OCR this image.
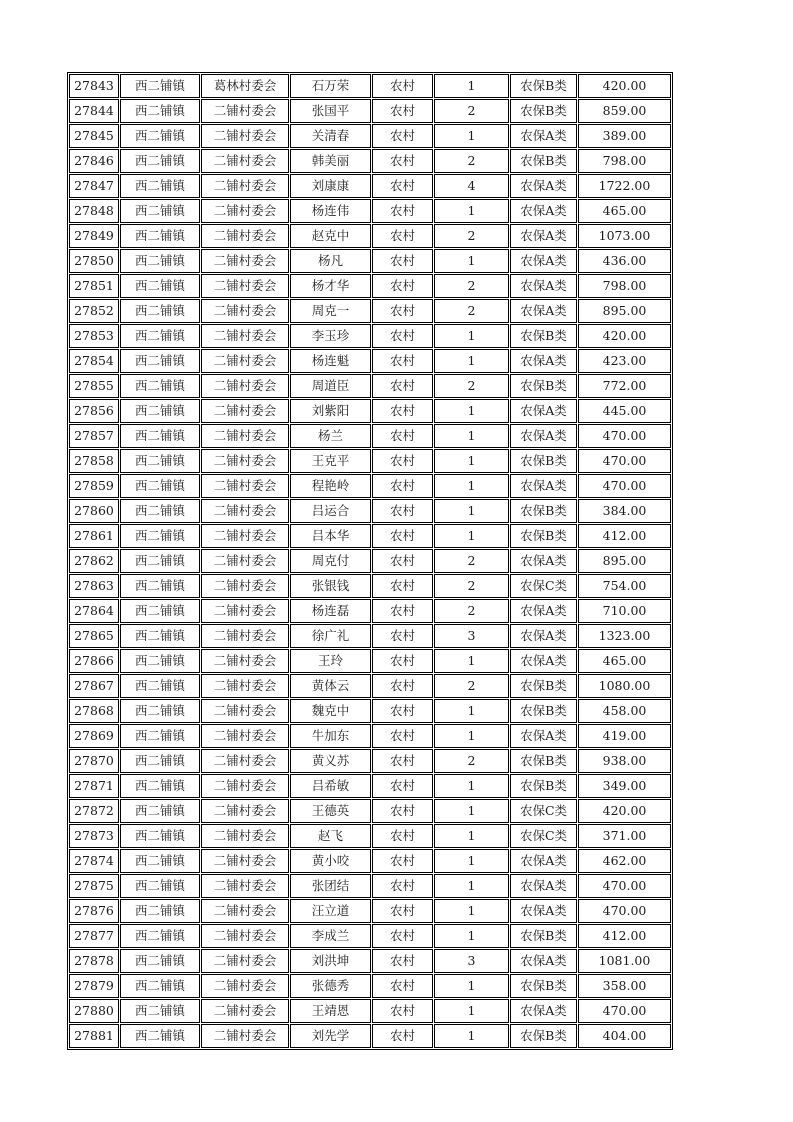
27843	西二铺镇	葛林村委会	石万荣	农村	1	农保B类	420.00
27844	西二铺镇	二铺村委会	张国平	农村	2	农保B类	859.00
27845	西二铺镇	二铺村委会	关清春	农村	1	农保A类	389.00
27846	西二铺镇	二铺村委会	韩美丽	农村	2	农保B类	798.00
27847	西二铺镇	二铺村委会	刘康康	农村	4	农保A类	1722.00
27848	西二铺镇	二铺村委会	杨连伟	农村	1	农保A类	465.00
27849	西二铺镇	二铺村委会	赵克中	农村	2	农保A类	1073.00
27850	西二铺镇	二铺村委会	杨凡	农村	1	农保A类	436.00
27851	西二铺镇	二铺村委会	杨才华	农村	2	农保A类	798.00
27852	西二铺镇	二铺村委会	周克一	农村	2	农保A类	895.00
27853	西二铺镇	二铺村委会	李玉珍	农村	1	农保B类	420.00
27854	西二铺镇	二铺村委会	杨连魁	农村	1	农保A类	423.00
27855	西二铺镇	二铺村委会	周道臣	农村	2	农保B类	772.00
27856	西二铺镇	二铺村委会	刘紫阳	农村	1	农保A类	445.00
27857	西二铺镇	二铺村委会	杨兰	农村	1	农保A类	470.00
27858	西二铺镇	二铺村委会	王克平	农村	1	农保B类	470.00
27859	西二铺镇	二铺村委会	程艳岭	农村	1	农保A类	470.00
27860	西二铺镇	二铺村委会	吕运合	农村	1	农保B类	384.00
27861	西二铺镇	二铺村委会	吕本华	农村	1	农保B类	412.00
27862	西二铺镇	二铺村委会	周克付	农村	2	农保A类	895.00
27863	西二铺镇	二铺村委会	张银钱	农村	2	农保C类	754.00
27864	西二铺镇	二铺村委会	杨连磊	农村	2	农保A类	710.00
27865	西二铺镇	二铺村委会	徐广礼	农村	3	农保A类	1323.00
27866	西二铺镇	二铺村委会	王玲	农村	1	农保A类	465.00
27867	西二铺镇	二铺村委会	黄体云	农村	2	农保B类	1080.00
27868	西二铺镇	二铺村委会	魏克中	农村	1	农保B类	458.00
27869	西二铺镇	二铺村委会	牛加东	农村	1	农保A类	419.00
27870	西二铺镇	二铺村委会	黄义苏	农村	2	农保B类	938.00
27871	西二铺镇	二铺村委会	吕希敏	农村	1	农保B类	349.00
27872	西二铺镇	二铺村委会	王德英	农村	1	农保C类	420.00
27873	西二铺镇	二铺村委会	赵飞	农村	1	农保C类	371.00
27874	西二铺镇	二铺村委会	黄小咬	农村	1	农保A类	462.00
27875	西二铺镇	二铺村委会	张团结	农村	1	农保A类	470.00
27876	西二铺镇	二铺村委会	汪立道	农村	1	农保A类	470.00
27877	西二铺镇	二铺村委会	李成兰	农村	1	农保B类	412.00
27878	西二铺镇	二铺村委会	刘洪坤	农村	3	农保A类	1081.00
27879	西二铺镇	二铺村委会	张德秀	农村	1	农保B类	358.00
27880	西二铺镇	二铺村委会	王靖恩	农村	1	农保A类	470.00
27881	西二铺镇	二铺村委会	刘先学	农村	1	农保B类	404.00
